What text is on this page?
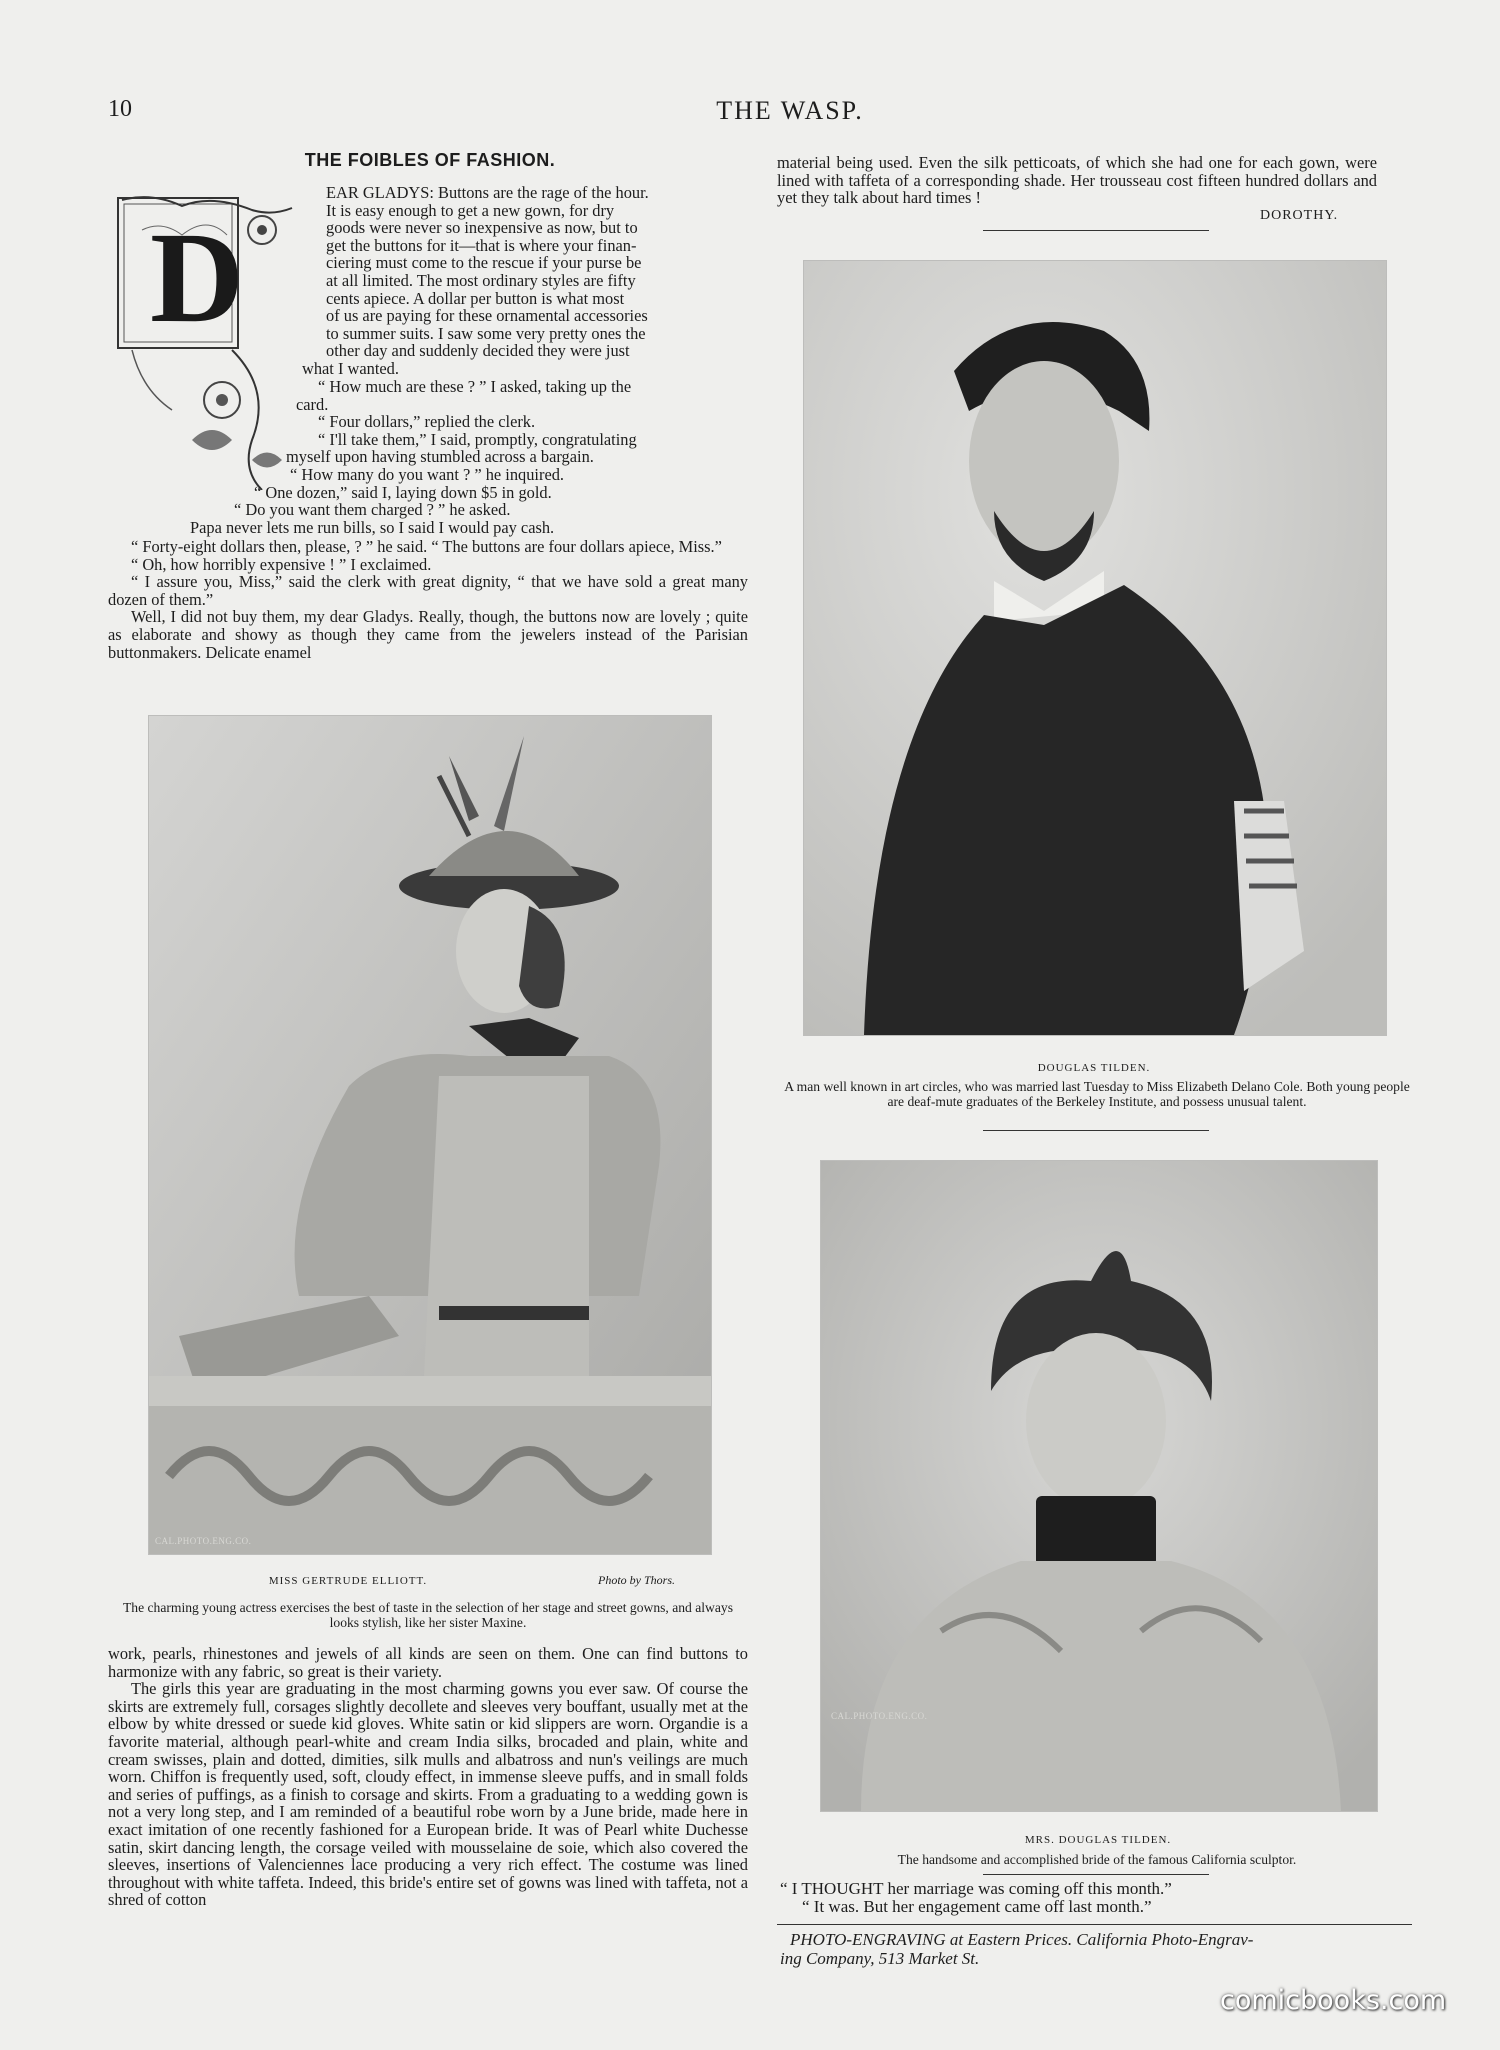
10	THE WASP.
THE FOIBLES OF FASHION.
D
EAR GLADYS: Buttons are the rage of the hour.
It is easy enough to get a new gown, for dry
goods were never so inexpensive as now, but to
get the buttons for it—that is where your finan-
ciering must come to the rescue if your purse be
at all limited. The most ordinary styles are fifty
cents apiece. A dollar per button is what most
of us are paying for these ornamental accessories
to summer suits. I saw some very pretty ones the
other day and suddenly decided they were just
what I wanted.
“ How much are these ? ” I asked, taking up the
card.
“ Four dollars,” replied the clerk.
“ I'll take them,” I said, promptly, congratulating
myself upon having stumbled across a bargain.
“ How many do you want ? ” he inquired.
“ One dozen,” said I, laying down $5 in gold.
“ Do you want them charged ? ” he asked.
Papa never lets me run bills, so I said I would pay cash.

“ Forty-eight dollars then, please, ? ” he said. “ The buttons are four dollars apiece, Miss.”

“ Oh, how horribly expensive ! ” I exclaimed.

“ I assure you, Miss,” said the clerk with great dignity, “ that we have sold a great many dozen of them.”

Well, I did not buy them, my dear Gladys. Really, though, the buttons now are lovely ; quite as elaborate and showy as though they came from the jewelers instead of the Parisian buttonmakers. Delicate enamel

CAL.PHOTO.ENG.CO.
MISS GERTRUDE ELLIOTT.	Photo by Thors.
The charming young actress exercises the best of taste in the selection of her stage and street gowns, and always looks stylish, like her sister Maxine.

work, pearls, rhinestones and jewels of all kinds are seen on them. One can find buttons to harmonize with any fabric, so great is their variety.

The girls this year are graduating in the most charming gowns you ever saw. Of course the skirts are extremely full, corsages slightly decollete and sleeves very bouffant, usually met at the elbow by white dressed or suede kid gloves. White satin or kid slippers are worn. Organdie is a favorite material, although pearl-white and cream India silks, brocaded and plain, white and cream swisses, plain and dotted, dimities, silk mulls and albatross and nun's veilings are much worn. Chiffon is frequently used, soft, cloudy effect, in immense sleeve puffs, and in small folds and series of puffings, as a finish to corsage and skirts. From a graduating to a wedding gown is not a very long step, and I am reminded of a beautiful robe worn by a June bride, made here in exact imitation of one recently fashioned for a European bride. It was of Pearl white Duchesse satin, skirt dancing length, the corsage veiled with mousselaine de soie, which also covered the sleeves, insertions of Valenciennes lace producing a very rich effect. The costume was lined throughout with white taffeta. Indeed, this bride's entire set of gowns was lined with taffeta, not a shred of cotton

material being used. Even the silk petticoats, of which she had one for each gown, were lined with taffeta of a corresponding shade. Her trousseau cost fifteen hundred dollars and yet they talk about hard times !

DOROTHY.
DOUGLAS TILDEN.
A man well known in art circles, who was married last Tuesday to Miss Elizabeth Delano Cole. Both young people are deaf-mute graduates of the Berkeley Institute, and possess unusual talent.
CAL.PHOTO.ENG.CO.
MRS. DOUGLAS TILDEN.
The handsome and accomplished bride of the famous California sculptor.
“ I THOUGHT her marriage was coming off this month.”
“ It was. But her engagement came off last month.”
PHOTO-ENGRAVING at Eastern Prices. California Photo-Engrav-
ing Company, 513 Market St.
comicbooks.com
